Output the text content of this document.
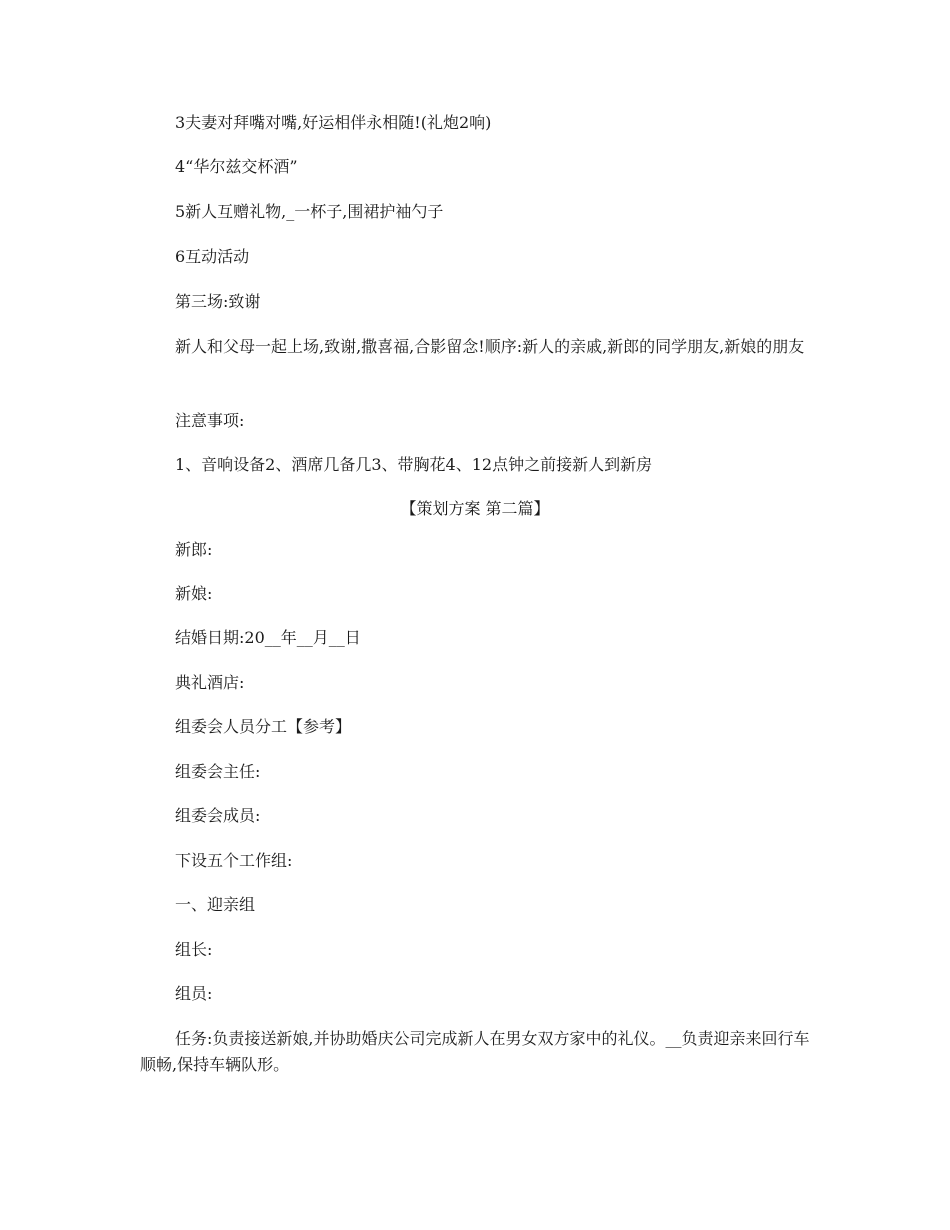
3夫妻对拜嘴对嘴,好运相伴永相随!(礼炮2响)
4“华尔兹交杯酒”
5新人互赠礼物,_一杯子,围裙护袖勺子
6互动活动
第三场:致谢
新人和父母一起上场,致谢,撒喜福,合影留念!顺序:新人的亲戚,新郎的同学朋友,新娘的朋友
注意事项:
1、音响设备2、酒席几备几3、带胸花4、12点钟之前接新人到新房
【策划方案 第二篇】
新郎:
新娘:
结婚日期:20__年__月__日
典礼酒店:
组委会人员分工【参考】
组委会主任:
组委会成员:
下设五个工作组:
一、迎亲组
组长:
组员:
任务:负责接送新娘,并协助婚庆公司完成新人在男女双方家中的礼仪。__负责迎亲来回行车顺畅,保持车辆队形。
